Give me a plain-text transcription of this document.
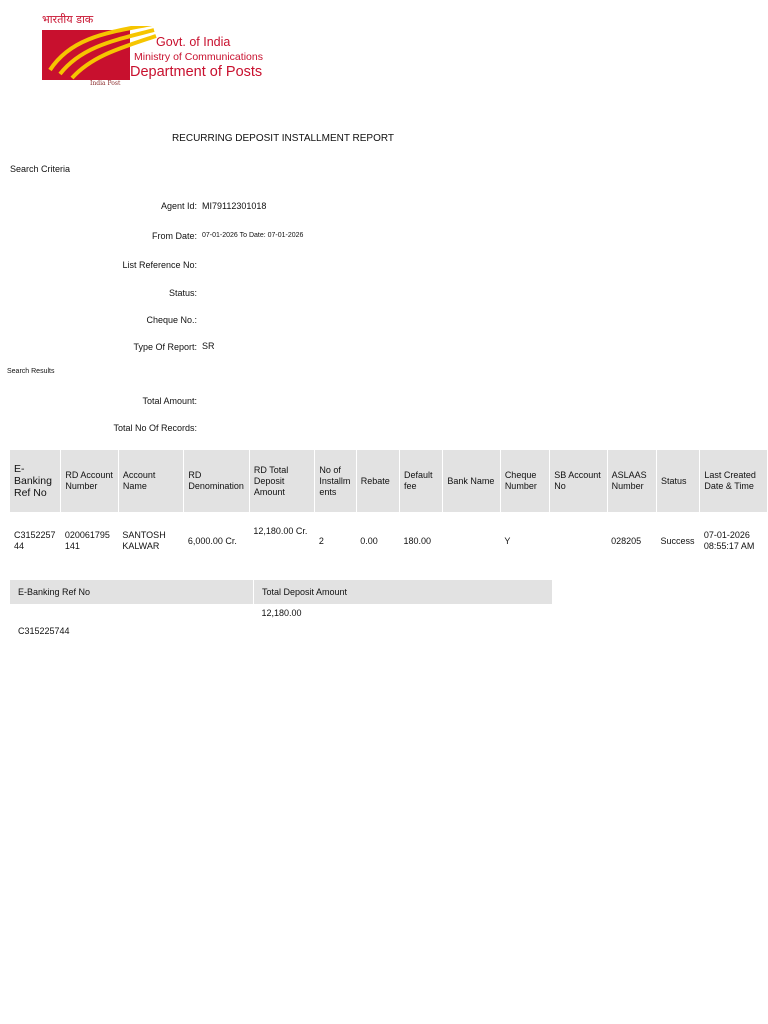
भारतीय डाक
India Post
Govt. of India
Ministry of Communications
Department of Posts
RECURRING DEPOSIT INSTALLMENT REPORT
Search Criteria
Agent Id: MI79112301018
From Date: 07-01-2026 To Date: 07-01-2026
List Reference No:
Status:
Cheque No.:
Type Of Report: SR
Search Results
Total Amount:
Total No Of Records:
E-Banking Ref No	RD Account Number	Account Name	RD Denomination	RD Total Deposit Amount	No of Installm ents	Rebate	Default fee	Bank Name	Cheque Number	SB Account No	ASLAAS Number	Status	Last Created Date & Time
C315225744	020061795141	SANTOSH KALWAR	6,000.00 Cr.	12,180.00 Cr.	2	0.00	180.00		Y		028205	Success	07-01-2026 08:55:17 AM
E-Banking Ref No	Total Deposit Amount
C315225744	12,180.00
